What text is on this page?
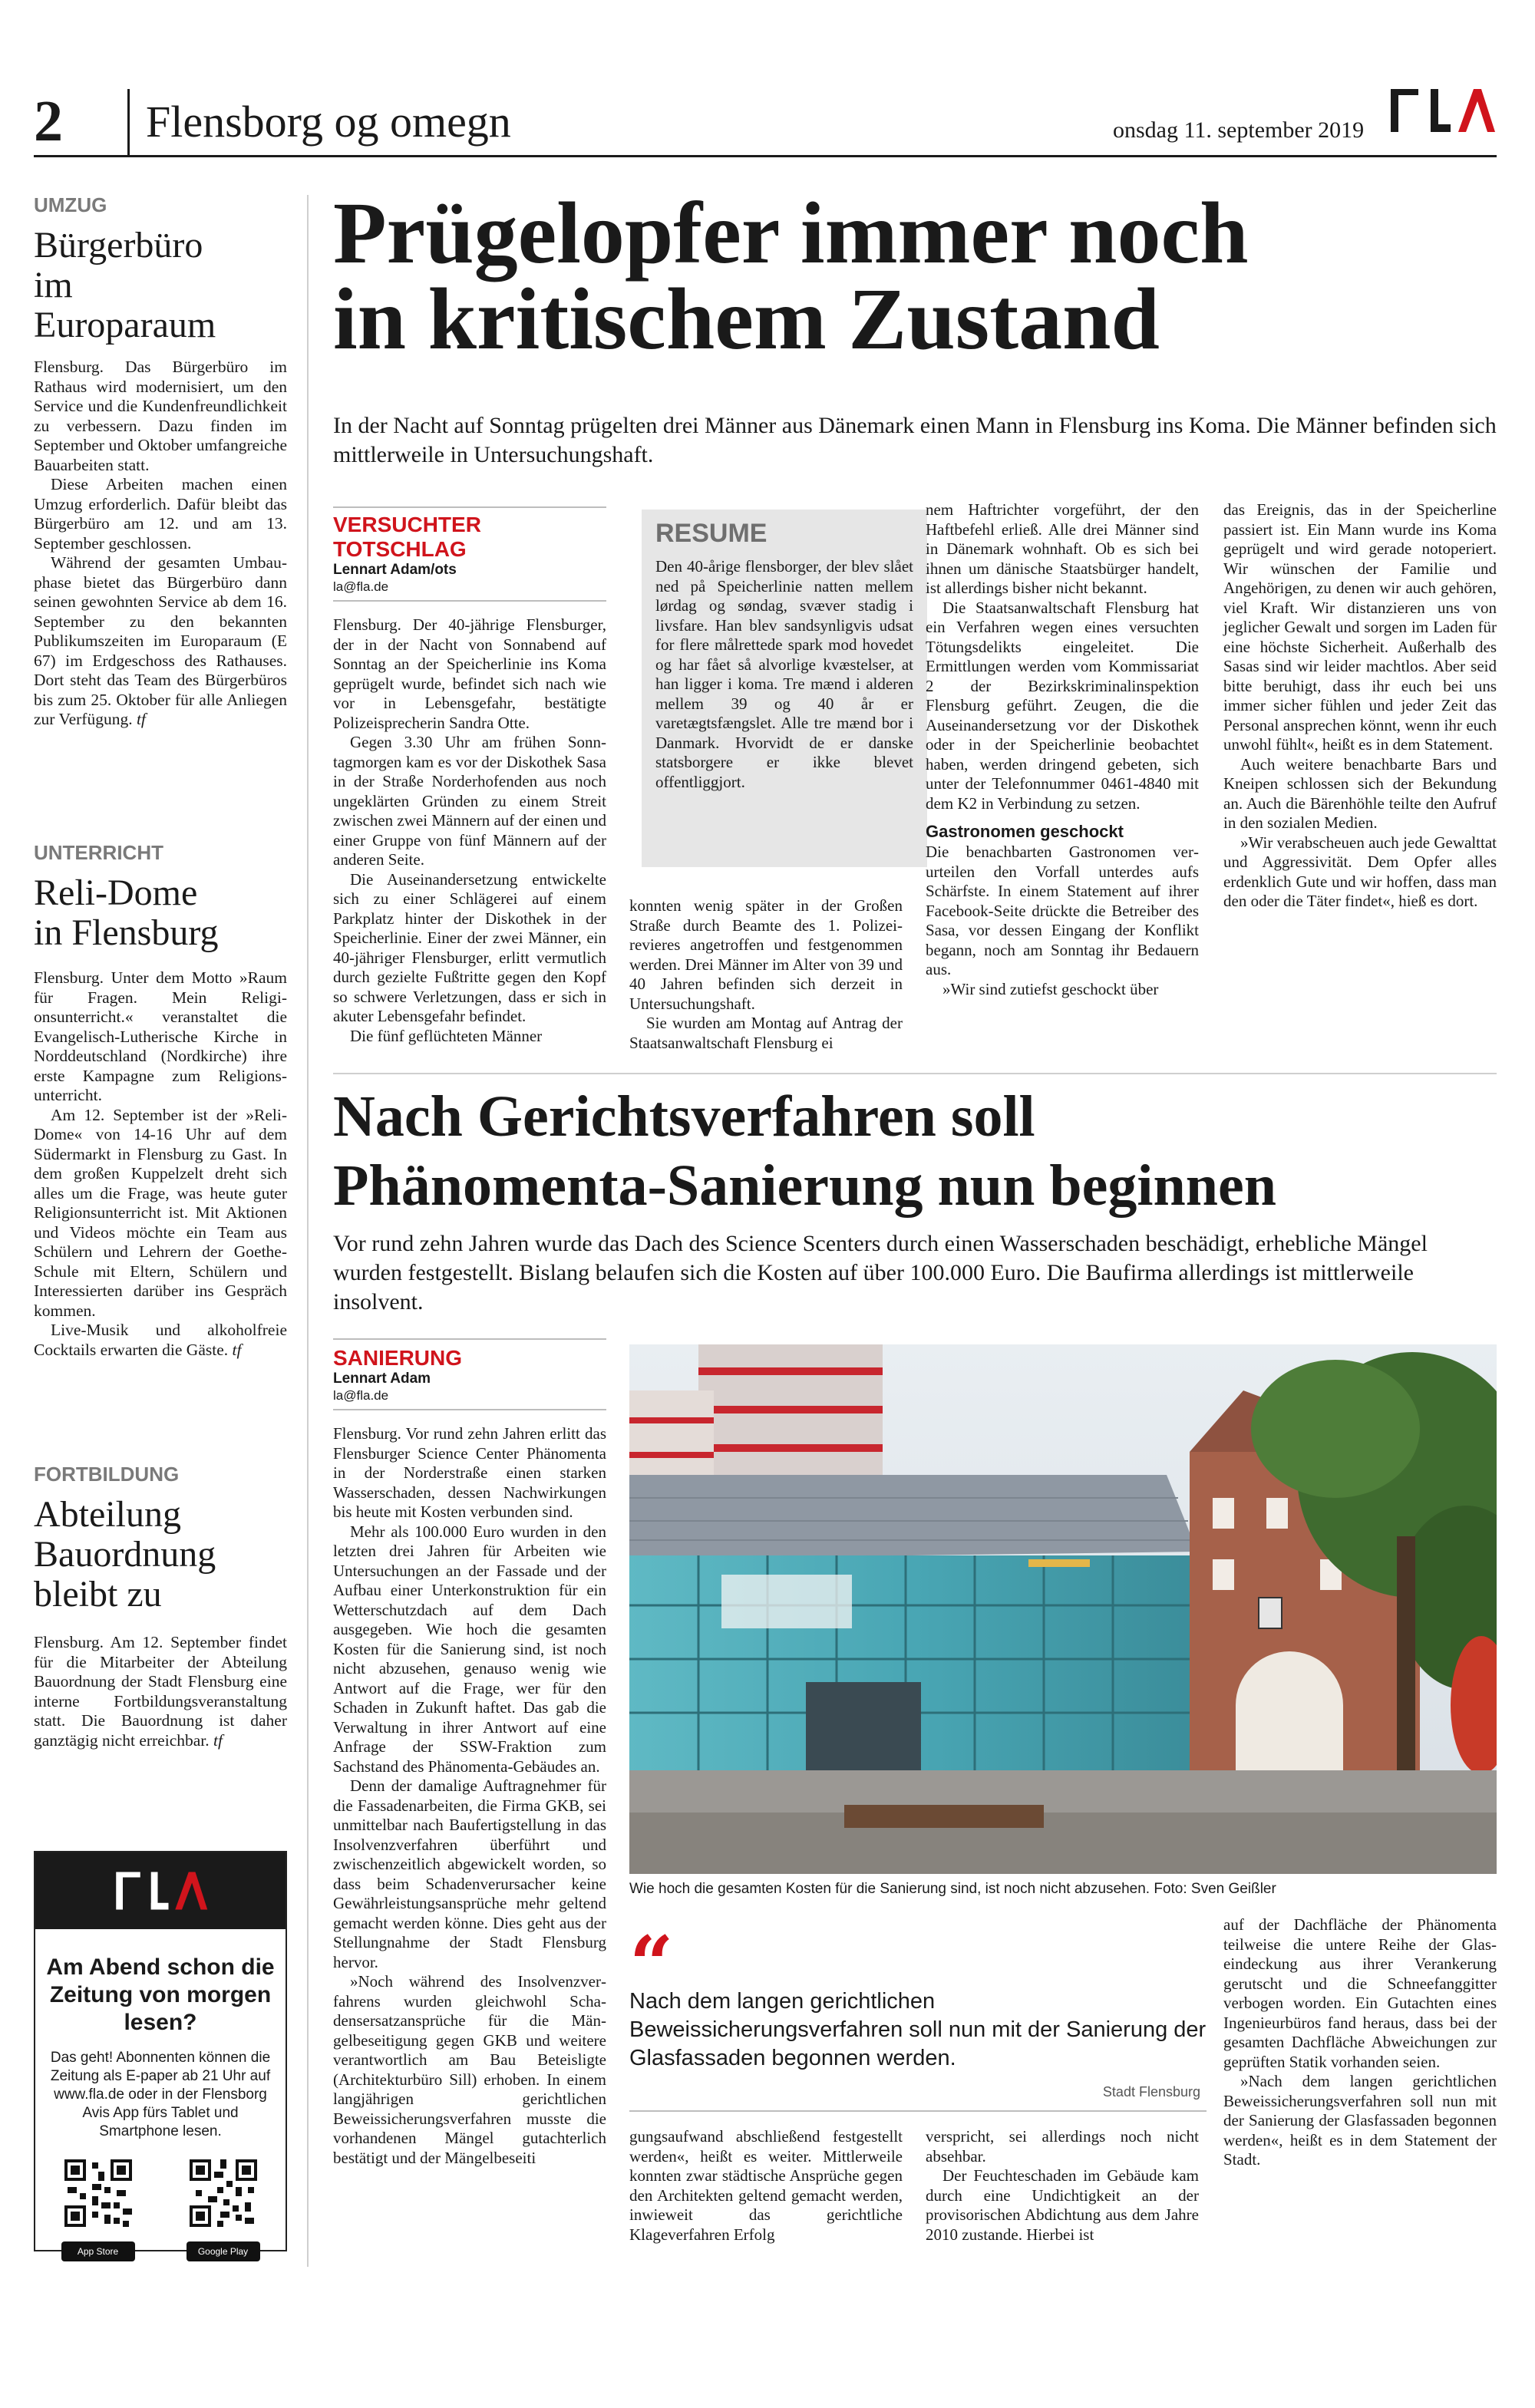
2 Flensborg og omegn	onsdag 11. september 2019
UMZUG
Bürgerbüro
im
Europaraum

Flensburg. Das Bürgerbüro im Rathaus wird modernisiert, um den Service und die Kundenfreundlichkeit zu verbessern. Dazu finden im September und Oktober umfangreiche Bauarbeiten statt.

Diese Arbeiten machen einen Umzug erforderlich. Dafür bleibt das Bürgerbüro am 12. und am 13. September geschlossen.

Während der gesamten Umbauphase bietet das Bürgerbüro dann seinen gewohnten Service ab dem 16. September zu den bekannten Publikumszeiten im Europaraum (E 67) im Erdgeschoss des Rathauses. Dort steht das Team des Bürgerbüros bis zum 25. Oktober für alle Anliegen zur Verfügung. tf

UNTERRICHT
Reli-Dome
in Flensburg

Flensburg. Unter dem Motto »Raum für Fragen. Mein Religionsunterricht.« veranstaltet die Evangelisch-Lutherische Kirche in Norddeutschland (Nordkirche) ihre erste Kampagne zum Religionsunterricht.

Am 12. September ist der »Reli-Dome« von 14-16 Uhr auf dem Südermarkt in Flensburg zu Gast. In dem großen Kuppelzelt dreht sich alles um die Frage, was heute guter Religionsunterricht ist. Mit Aktionen und Videos möchte ein Team aus Schülern und Lehrern der Goethe-Schule mit Eltern, Schülern und Interessierten darüber ins Gespräch kommen.

Live-Musik und alkoholfreie Cocktails erwarten die Gäste. tf

FORTBILDUNG
Abteilung
Bauordnung
bleibt zu

Flensburg. Am 12. September findet für die Mitarbeiter der Abteilung Bauordnung der Stadt Flensburg eine interne Fortbildungsveranstaltung statt. Die Bauordnung ist daher ganztägig nicht erreichbar. tf

Am Abend schon die Zeitung von morgen lesen?
Das geht! Abonnenten können die Zeitung als E-paper ab 21 Uhr auf www.fla.de oder in der Flensborg Avis App fürs Tablet und Smartphone lesen.
App Store	Google Play
Prügelopfer immer noch
in kritischem Zustand
In der Nacht auf Sonntag prügelten drei Männer aus Dänemark einen Mann in Flensburg ins Koma. Die Männer befinden sich mittlerweile in Untersuchungshaft.
VERSUCHTER TOTSCHLAG
Lennart Adam/ots
la@fla.de

Flensburg. Der 40-jährige Flensburger, der in der Nacht von Sonnabend auf Sonntag an der Speicherlinie ins Koma geprügelt wurde, befindet sich nach wie vor in Lebensgefahr, bestätigte Polizeisprecherin Sandra Otte.

Gegen 3.30 Uhr am frühen Sonntagmorgen kam es vor der Diskothek Sasa in der Straße Norderhofenden aus noch ungeklärten Gründen zu einem Streit zwischen zwei Männern auf der einen und einer Gruppe von fünf Männern auf der anderen Seite.

Die Auseinandersetzung entwickelte sich zu einer Schlägerei auf einem Parkplatz hinter der Diskothek in der Speicherlinie. Einer der zwei Männer, ein 40-jähriger Flensburger, erlitt vermutlich durch gezielte Fußtritte gegen den Kopf so schwere Verletzungen, dass er sich in akuter Lebensgefahr befindet.

Die fünf geflüchteten Männer

RESUME
Den 40-årige flensborger, der blev slået ned på Speicherlinie natten mellem lørdag og søndag, svæver stadig i livsfare. Han blev sandsynligvis udsat for flere målrettede spark mod hovedet og har fået så alvorlige kvæstelser, at han ligger i koma. Tre mænd i alderen mellem 39 og 40 år er varetægtsfængslet. Alle tre mænd bor i Danmark. Hvorvidt de er danske statsborgere er ikke blevet offentliggjort.

konnten wenig später in der Großen Straße durch Beamte des 1. Polizeirevieres angetroffen und festgenommen werden. Drei Männer im Alter von 39 und 40 Jahren befinden sich derzeit in Untersuchungshaft.

Sie wurden am Montag auf Antrag der Staatsanwaltschaft Flensburg ei

nem Haftrichter vorgeführt, der den Haftbefehl erließ. Alle drei Männer sind in Dänemark wohnhaft. Ob es sich bei ihnen um dänische Staatsbürger handelt, ist allerdings bisher nicht bekannt.

Die Staatsanwaltschaft Flensburg hat ein Verfahren wegen eines versuchten Tötungsdelikts eingeleitet. Die Ermittlungen werden vom Kommissariat 2 der Bezirkskriminalinspektion Flensburg geführt. Zeugen, die die Auseinandersetzung vor der Diskothek oder in der Speicherlinie beobachtet haben, werden dringend gebeten, sich unter der Telefonnummer 0461-4840 mit dem K2 in Verbindung zu setzen.

Gastronomen geschockt

Die benachbarten Gastronomen verurteilen den Vorfall unterdes aufs Schärfste. In einem Statement auf ihrer Facebook-Seite drückte die Betreiber des Sasa, vor dessen Eingang der Konflikt begann, noch am Sonntag ihr Bedauern aus.

»Wir sind zutiefst geschockt über

das Ereignis, das in der Speicherline passiert ist. Ein Mann wurde ins Koma geprügelt und wird gerade notoperiert. Wir wünschen der Familie und Angehörigen, zu denen wir auch gehören, viel Kraft. Wir distanzieren uns von jeglicher Gewalt und sorgen im Laden für eine höchste Sicherheit. Außerhalb des Sasas sind wir leider machtlos. Aber seid bitte beruhigt, dass ihr euch bei uns immer sicher fühlen und jeder Zeit das Personal ansprechen könnt, wenn ihr euch unwohl fühlt«, heißt es in dem Statement.

Auch weitere benachbarte Bars und Kneipen schlossen sich der Bekundung an. Auch die Bärenhöhle teilte den Aufruf in den sozialen Medien.

»Wir verabscheuen auch jede Gewalttat und Aggressivität. Dem Opfer alles erdenklich Gute und wir hoffen, dass man den oder die Täter findet«, hieß es dort.

Nach Gerichtsverfahren soll
Phänomenta-Sanierung nun beginnen
Vor rund zehn Jahren wurde das Dach des Science Scenters durch einen Wasserschaden beschädigt, erhebliche Mängel wurden festgestellt. Bislang belaufen sich die Kosten auf über 100.000 Euro. Die Baufirma allerdings ist mittlerweile insolvent.
SANIERUNG
Lennart Adam
la@fla.de

Flensburg. Vor rund zehn Jahren erlitt das Flensburger Science Center Phänomenta in der Norderstraße einen starken Wasserschaden, dessen Nachwirkungen bis heute mit Kosten verbunden sind.

Mehr als 100.000 Euro wurden in den letzten drei Jahren für Arbeiten wie Untersuchungen an der Fassade und der Aufbau einer Unterkonstruktion für ein Wetterschutzdach auf dem Dach ausgegeben. Wie hoch die gesamten Kosten für die Sanierung sind, ist noch nicht abzusehen, genauso wenig wie Antwort auf die Frage, wer für den Schaden in Zukunft haftet. Das gab die Verwaltung in ihrer Antwort auf eine Anfrage der SSW-Fraktion zum Sachstand des Phänomenta-Gebäudes an.

Denn der damalige Auftragnehmer für die Fassadenarbeiten, die Firma GKB, sei unmittelbar nach Baufertigstellung in das Insolvenzverfahren überführt und zwischenzeitlich abgewickelt worden, so dass beim Schadenverursacher keine Gewährleistungsansprüche mehr geltend gemacht werden könne. Dies geht aus der Stellungnahme der Stadt Flensburg hervor.

»Noch während des Insolvenzverfahrens wurden gleichwohl Schadensersatzansprüche für die Mängelbeseitigung gegen GKB und weitere verantwortlich am Bau Beteisligte (Architekturbüro Sill) erhoben. In einem langjährigen gerichtlichen Beweissicherungsverfahren musste die vorhandenen Mängel gutachterlich bestätigt und der Mängelbeseiti

Wie hoch die gesamten Kosten für die Sanierung sind, ist noch nicht abzusehen. Foto: Sven Geißler
“
Nach dem langen gerichtlichen Beweissicherungsverfahren soll nun mit der Sanierung der Glasfassaden begonnen werden.
Stadt Flensburg

gungsaufwand abschließend festgestellt werden«, heißt es weiter. Mittlerweile konnten zwar städtische Ansprüche gegen den Architekten geltend gemacht werden, inwieweit das gerichtliche Klageverfahren Erfolg

verspricht, sei allerdings noch nicht absehbar.

Der Feuchteschaden im Gebäude kam durch eine Undichtigkeit an der provisorischen Abdichtung aus dem Jahre 2010 zustande. Hierbei ist

auf der Dachfläche der Phänomenta teilweise die untere Reihe der Glaseindeckung aus ihrer Verankerung gerutscht und die Schneefanggitter verbogen worden. Ein Gutachten eines Ingenieurbüros fand heraus, dass bei der gesamten Dachfläche Abweichungen zur geprüften Statik vorhanden seien.

»Nach dem langen gerichtlichen Beweissicherungsverfahren soll nun mit der Sanierung der Glasfassaden begonnen werden«, heißt es in dem Statement der Stadt.
